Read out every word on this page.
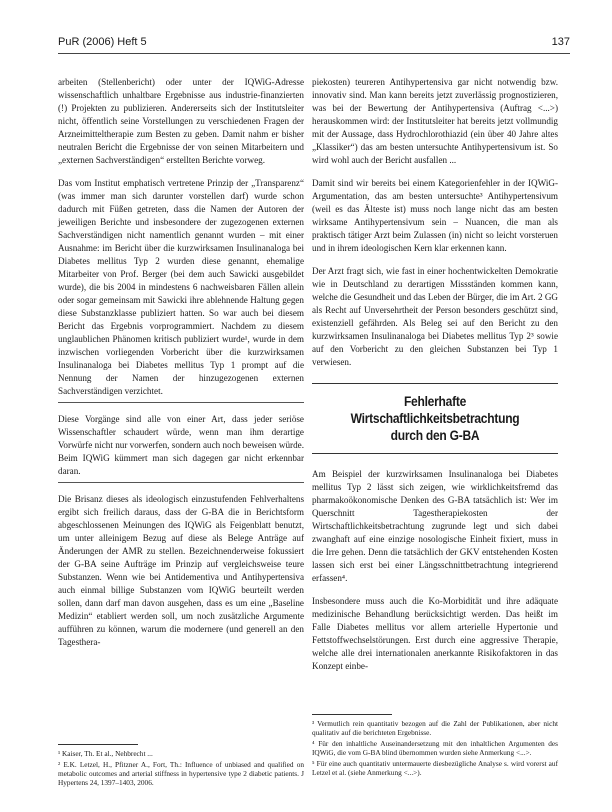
PuR (2006) Heft 5	137

arbeiten (Stellenbericht) oder unter der IQWiG-Adresse wissenschaftlich unhaltbare Ergebnisse aus industrie-finanzierten (!) Projekten zu publizieren. Andererseits sich der Institutsleiter nicht, öffentlich seine Vorstellungen zu verschiedenen Fragen der Arzneimitteltherapie zum Besten zu geben. Damit nahm er bisher neutralen Bericht die Ergebnisse der von seinen Mitarbeitern und „externen Sachverständigen“ erstellten Berichte vorweg.

Das vom Institut emphatisch vertretene Prinzip der „Transparenz“ (was immer man sich darunter vorstellen darf) wurde schon dadurch mit Füßen getreten, dass die Namen der Autoren der jeweiligen Berichte und insbesondere der zugezogenen externen Sachverständigen nicht namentlich genannt wurden – mit einer Ausnahme: im Bericht über die kurzwirksamen Insulinanaloga bei Diabetes mellitus Typ 2 wurden diese genannt, ehemalige Mitarbeiter von Prof. Berger (bei dem auch Sawicki ausgebildet wurde), die bis 2004 in mindestens 6 nachweisbaren Fällen allein oder sogar gemeinsam mit Sawicki ihre ablehnende Haltung gegen diese Substanzklasse publiziert hatten. So war auch bei diesem Bericht das Ergebnis vorprogrammiert. Nachdem zu diesem unglaublichen Phänomen kritisch publiziert wurde¹, wurde in dem inzwischen vorliegenden Vorbericht über die kurzwirksamen Insulinanaloga bei Diabetes mellitus Typ 1 prompt auf die Nennung der Namen der hinzugezogenen externen Sachverständigen verzichtet.

Diese Vorgänge sind alle von einer Art, dass jeder seriöse Wissenschaftler schaudert würde, wenn man ihm derartige Vorwürfe nicht nur vorwerfen, sondern auch noch beweisen würde. Beim IQWiG kümmert man sich dagegen gar nicht erkennbar daran.

Die Brisanz dieses als ideologisch einzustufenden Fehlverhaltens ergibt sich freilich daraus, dass der G-BA die in Berichtsform abgeschlossenen Meinungen des IQWiG als Feigenblatt benutzt, um unter alleinigem Bezug auf diese als Belege Anträge auf Änderungen der AMR zu stellen. Bezeichnenderweise fokussiert der G-BA seine Aufträge im Prinzip auf vergleichsweise teure Substanzen. Wenn wie bei Antidementiva und Antihypertensiva auch einmal billige Substanzen vom IQWiG beurteilt werden sollen, dann darf man davon ausgehen, dass es um eine „Baseline Medizin“ etabliert werden soll, um noch zusätzliche Argumente aufführen zu können, warum die modernere (und generell an den Tagesthera-

¹ Kaiser, Th. Et al., Nehbrecht ...

² E.K. Letzel, H., Pfitzner A., Fort, Th.: Influence of unbiased and qualified on metabolic outcomes and arterial stiffness in hypertensive type 2 diabetic patients. J Hypertens 24, 1397–1403, 2006.

piekosten) teureren Antihypertensiva gar nicht notwendig bzw. innovativ sind. Man kann bereits jetzt zuverlässig prognostizieren, was bei der Bewertung der Antihypertensiva (Auftrag <...>) herauskommen wird: der Institutsleiter hat bereits jetzt vollmundig mit der Aussage, dass Hydrochlorothiazid (ein über 40 Jahre altes „Klassiker“) das am besten untersuchte Antihypertensivum ist. So wird wohl auch der Bericht ausfallen ...

Damit sind wir bereits bei einem Kategorienfehler in der IQWiG-Argumentation, das am besten untersuchte³ Antihypertensivum (weil es das Älteste ist) muss noch lange nicht das am besten wirksame Antihypertensivum sein – Nuancen, die man als praktisch tätiger Arzt beim Zulassen (in) nicht so leicht vorsteruen und in ihrem ideologischen Kern klar erkennen kann.

Der Arzt fragt sich, wie fast in einer hochentwickelten Demokratie wie in Deutschland zu derartigen Missständen kommen kann, welche die Gesundheit und das Leben der Bürger, die im Art. 2 GG als Recht auf Unversehrtheit der Person besonders geschützt sind, existenziell gefährden. Als Beleg sei auf den Bericht zu den kurzwirksamen Insulinanaloga bei Diabetes mellitus Typ 2³ sowie auf den Vorbericht zu den gleichen Substanzen bei Typ 1 verwiesen.

Fehlerhafte Wirtschaftlichkeitsbetrachtung
durch den G-BA

Am Beispiel der kurzwirksamen Insulinanaloga bei Diabetes mellitus Typ 2 lässt sich zeigen, wie wirklichkeitsfremd das pharmakoökonomische Denken des G-BA tatsächlich ist: Wer im Querschnitt Tagestherapiekosten der Wirtschaftlichkeitsbetrachtung zugrunde legt und sich dabei zwanghaft auf eine einzige nosologische Einheit fixiert, muss in die Irre gehen. Denn die tatsächlich der GKV entstehenden Kosten lassen sich erst bei einer Längsschnittbetrachtung integrierend erfassen⁴.

Insbesondere muss auch die Ko-Morbidität und ihre adäquate medizinische Behandlung berücksichtigt werden. Das heißt im Falle Diabetes mellitus vor allem arterielle Hypertonie und Fettstoffwechselstörungen. Erst durch eine aggressive Therapie, welche alle drei internationalen anerkannte Risikofaktoren in das Konzept einbe-

³ Vermutlich rein quantitativ bezogen auf die Zahl der Publikationen, aber nicht qualitativ auf die berichteten Ergebnisse.

⁴ Für den inhaltliche Auseinandersetzung mit den inhaltlichen Argumenten des IQWiG, die vom G-BA blind übernommen wurden siehe Anmerkung <...>.

⁵ Für eine auch quantitativ untermauerte diesbezügliche Analyse s. wird vorerst auf Letzel et al. (siehe Anmerkung <...>).
